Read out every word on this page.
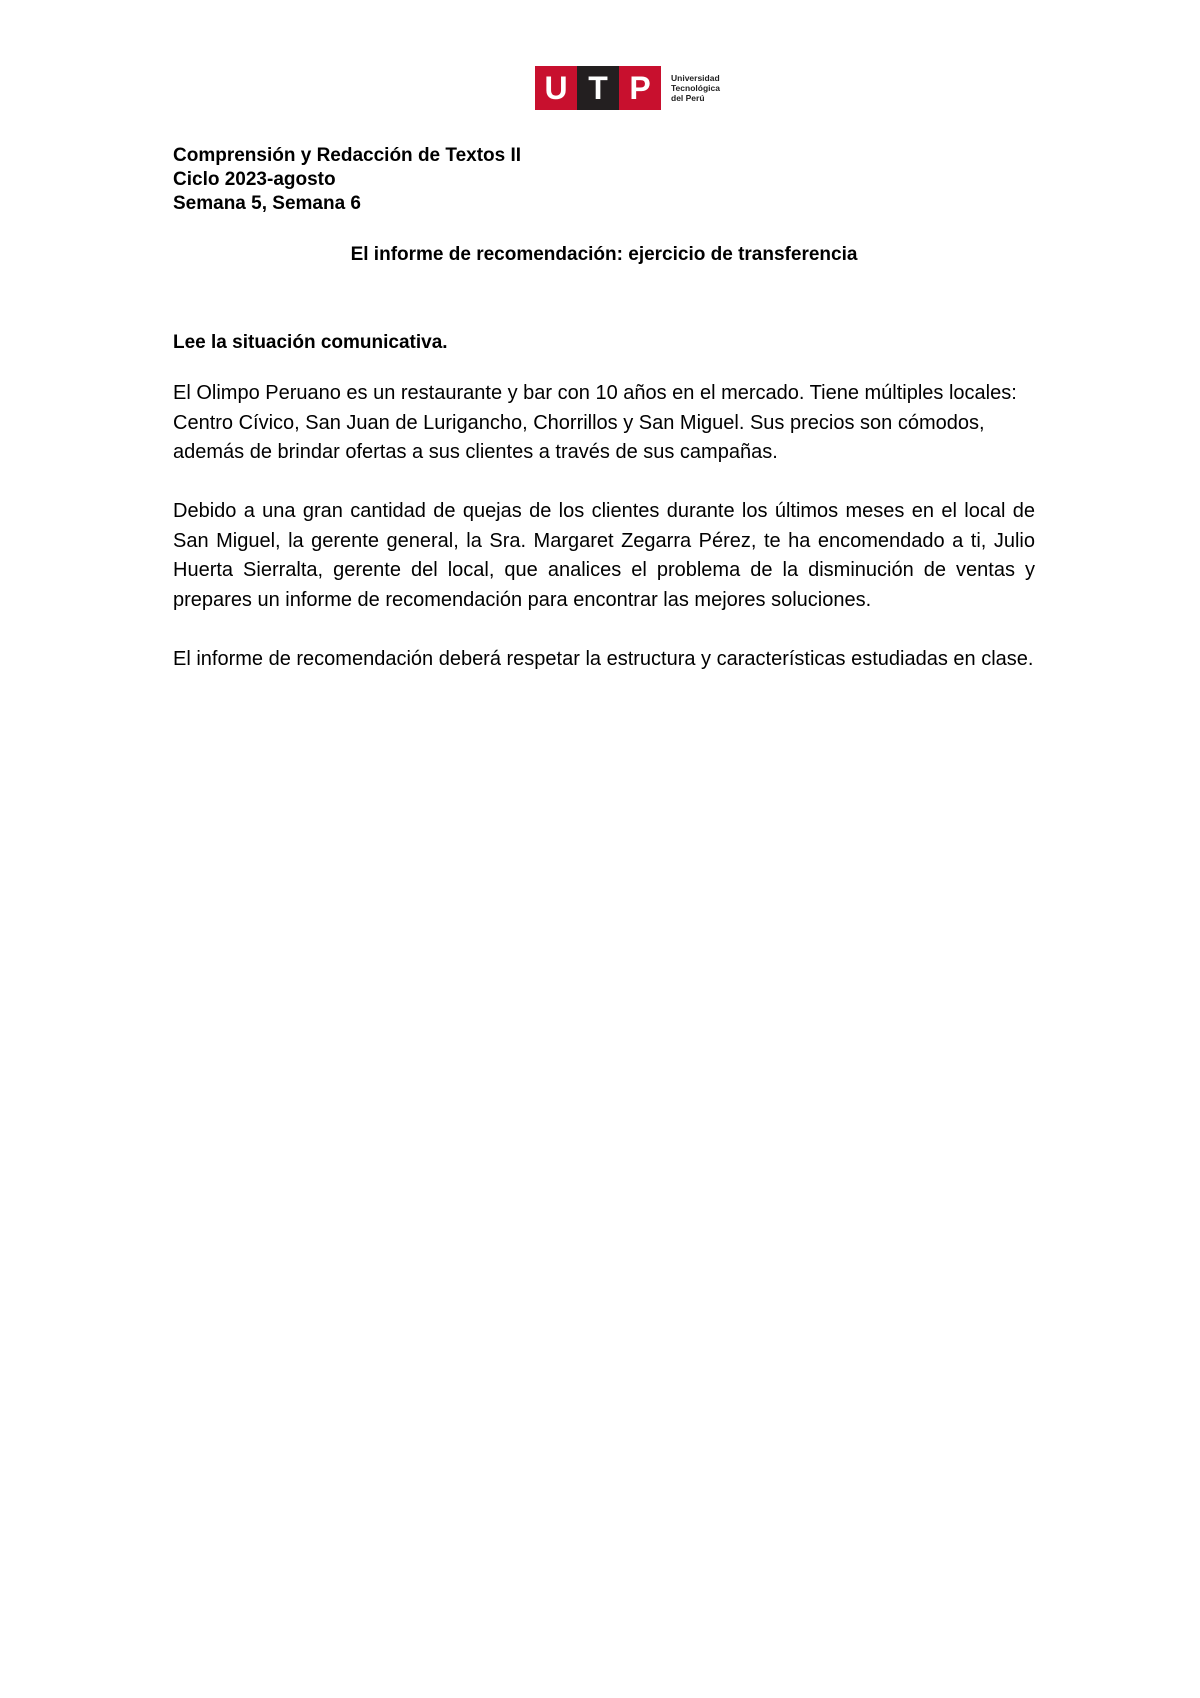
U T P	Universidad
Tecnológica
del Perú
Comprensión y Redacción de Textos II
Ciclo 2023-agosto
Semana 5, Semana 6
El informe de recomendación: ejercicio de transferencia
Lee la situación comunicativa.

El Olimpo Peruano es un restaurante y bar con 10 años en el mercado. Tiene múltiples locales: Centro Cívico, San Juan de Lurigancho, Chorrillos y San Miguel. Sus precios son cómodos, además de brindar ofertas a sus clientes a través de sus campañas.

Debido a una gran cantidad de quejas de los clientes durante los últimos meses en el local de San Miguel, la gerente general, la Sra. Margaret Zegarra Pérez, te ha encomendado a ti, Julio Huerta Sierralta, gerente del local, que analices el problema de la disminución de ventas y prepares un informe de recomendación para encontrar las mejores soluciones.

El informe de recomendación deberá respetar la estructura y características estudiadas en clase.
